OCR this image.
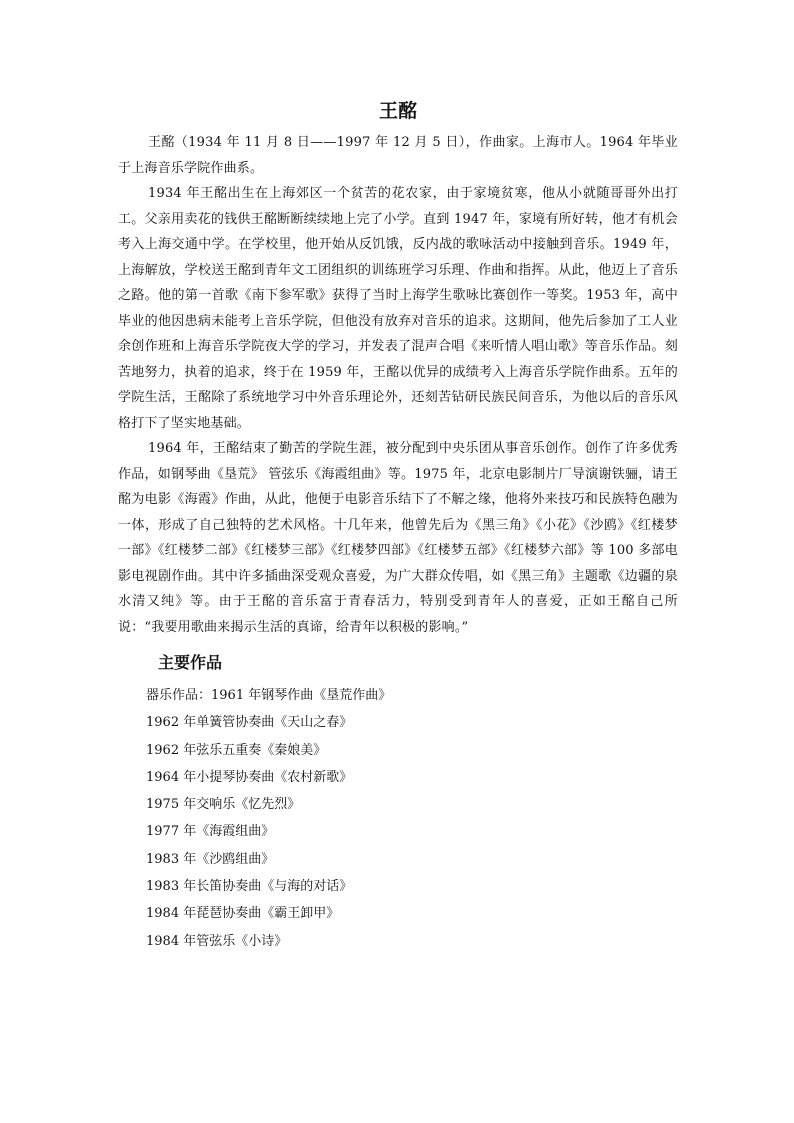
王酩

王酩（1934 年 11 月 8 日——1997 年 12 月 5 日），作曲家。上海市人。1964 年毕业于上海音乐学院作曲系。

1934 年王酩出生在上海郊区一个贫苦的花农家，由于家境贫寒，他从小就随哥哥外出打工。父亲用卖花的钱供王酩断断续续地上完了小学。直到 1947 年，家境有所好转，他才有机会考入上海交通中学。在学校里，他开始从反饥饿，反内战的歌咏活动中接触到音乐。1949 年，上海解放，学校送王酩到青年文工团组织的训练班学习乐理、作曲和指挥。从此，他迈上了音乐之路。他的第一首歌《南下参军歌》获得了当时上海学生歌咏比赛创作一等奖。1953 年，高中毕业的他因患病未能考上音乐学院，但他没有放弃对音乐的追求。这期间，他先后参加了工人业余创作班和上海音乐学院夜大学的学习，并发表了混声合唱《来听情人唱山歌》等音乐作品。刻苦地努力，执着的追求，终于在 1959 年，王酩以优异的成绩考入上海音乐学院作曲系。五年的学院生活，王酩除了系统地学习中外音乐理论外，还刻苦钻研民族民间音乐，为他以后的音乐风格打下了坚实地基础。

1964 年，王酩结束了勤苦的学院生涯，被分配到中央乐团从事音乐创作。创作了许多优秀作品，如钢琴曲《垦荒》 管弦乐《海霞组曲》等。1975 年，北京电影制片厂导演谢铁骊，请王酩为电影《海霞》作曲，从此，他便于电影音乐结下了不解之缘，他将外来技巧和民族特色融为一体，形成了自己独特的艺术风格。十几年来，他曾先后为《黑三角》《小花》《沙鸥》《红楼梦一部》《红楼梦二部》《红楼梦三部》《红楼梦四部》《红楼梦五部》《红楼梦六部》等 100 多部电影电视剧作曲。其中许多插曲深受观众喜爱，为广大群众传唱，如《黑三角》主题歌《边疆的泉水清又纯》等。由于王酩的音乐富于青春活力，特别受到青年人的喜爱，正如王酩自己所说：“我要用歌曲来揭示生活的真谛，给青年以积极的影响。”

主要作品
器乐作品：1961 年钢琴作曲《垦荒作曲》
1962 年单簧管协奏曲《天山之春》
1962 年弦乐五重奏《秦娘美》
1964 年小提琴协奏曲《农村新歌》
1975 年交响乐《忆先烈》
1977 年《海霞组曲》
1983 年《沙鸥组曲》
1983 年长笛协奏曲《与海的对话》
1984 年琵琶协奏曲《霸王卸甲》
1984 年管弦乐《小诗》
